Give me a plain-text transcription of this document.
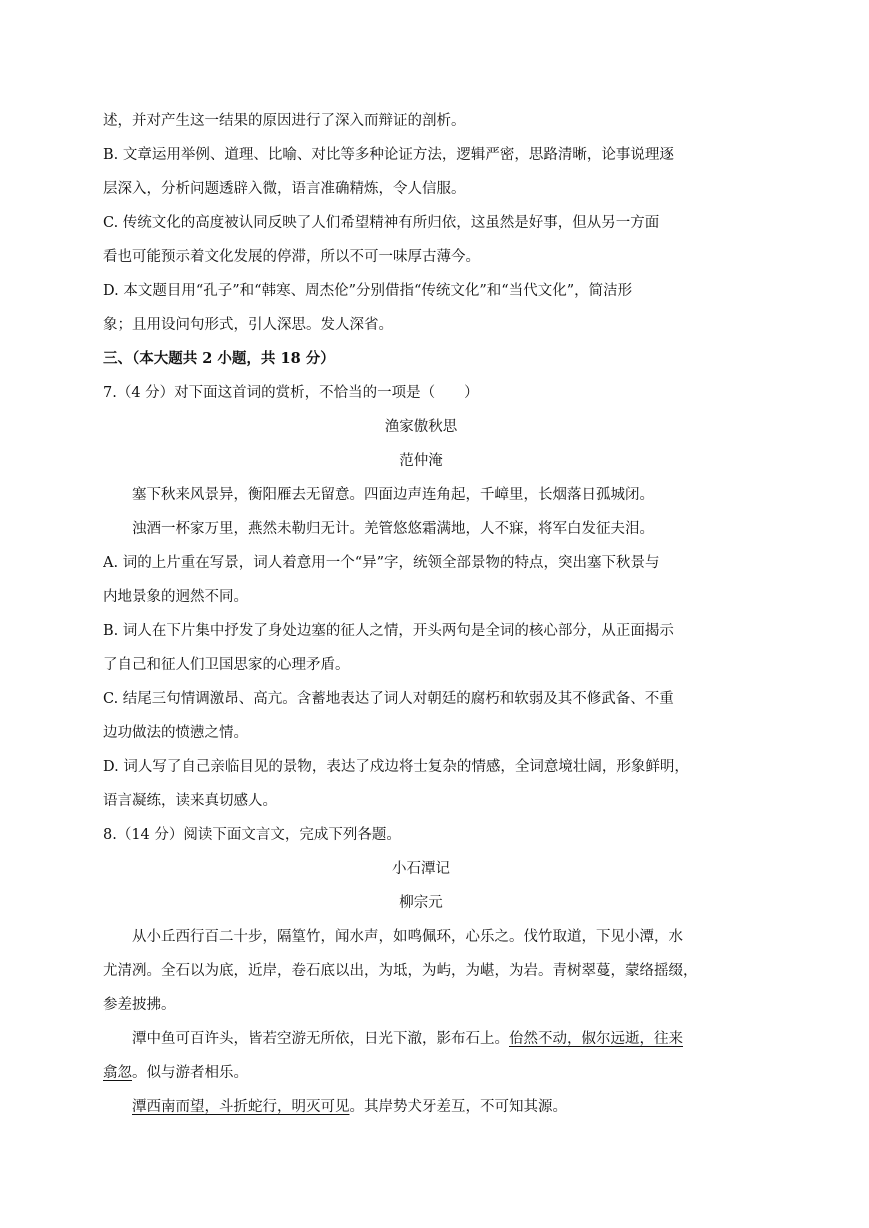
述，并对产生这一结果的原因进行了深入而辩证的剖析。
B. 文章运用举例、道理、比喻、对比等多种论证方法，逻辑严密，思路清晰，论事说理逐
层深入，分析问题透辟入微，语言准确精炼，令人信服。
C. 传统文化的高度被认同反映了人们希望精神有所归依，这虽然是好事，但从另一方面
看也可能预示着文化发展的停滞，所以不可一味厚古薄今。
D. 本文题目用“孔子”和“韩寒、周杰伦”分别借指“传统文化”和“当代文化”，简洁形
象；且用设问句形式，引人深思。发人深省。
三、（本大题共 2 小题，共 18 分）
7.（4 分）对下面这首词的赏析，不恰当的一项是（　　）
渔家傲秋思
范仲淹
塞下秋来风景异，衡阳雁去无留意。四面边声连角起，千嶂里，长烟落日孤城闭。
浊酒一杯家万里，燕然未勒归无计。羌管悠悠霜满地，人不寐，将军白发征夫泪。
A. 词的上片重在写景，词人着意用一个“异”字，统领全部景物的特点，突出塞下秋景与
内地景象的迥然不同。
B. 词人在下片集中抒发了身处边塞的征人之情，开头两句是全词的核心部分，从正面揭示
了自己和征人们卫国思家的心理矛盾。
C. 结尾三句情调激昂、高亢。含蓄地表达了词人对朝廷的腐朽和软弱及其不修武备、不重
边功做法的愤懑之情。
D. 词人写了自己亲临目见的景物，表达了戍边将士复杂的情感，全词意境壮阔，形象鲜明，
语言凝练，读来真切感人。
8.（14 分）阅读下面文言文，完成下列各题。
小石潭记
柳宗元
从小丘西行百二十步，隔篁竹，闻水声，如鸣佩环，心乐之。伐竹取道，下见小潭，水
尤清冽。全石以为底，近岸，卷石底以出，为坻，为屿，为嵁，为岩。青树翠蔓，蒙络摇缀，
参差披拂。
潭中鱼可百许头，皆若空游无所依，日光下澈，影布石上。佁然不动，俶尔远逝，往来
翕忽。似与游者相乐。
潭西南而望，斗折蛇行，明灭可见。其岸势犬牙差互，不可知其源。
